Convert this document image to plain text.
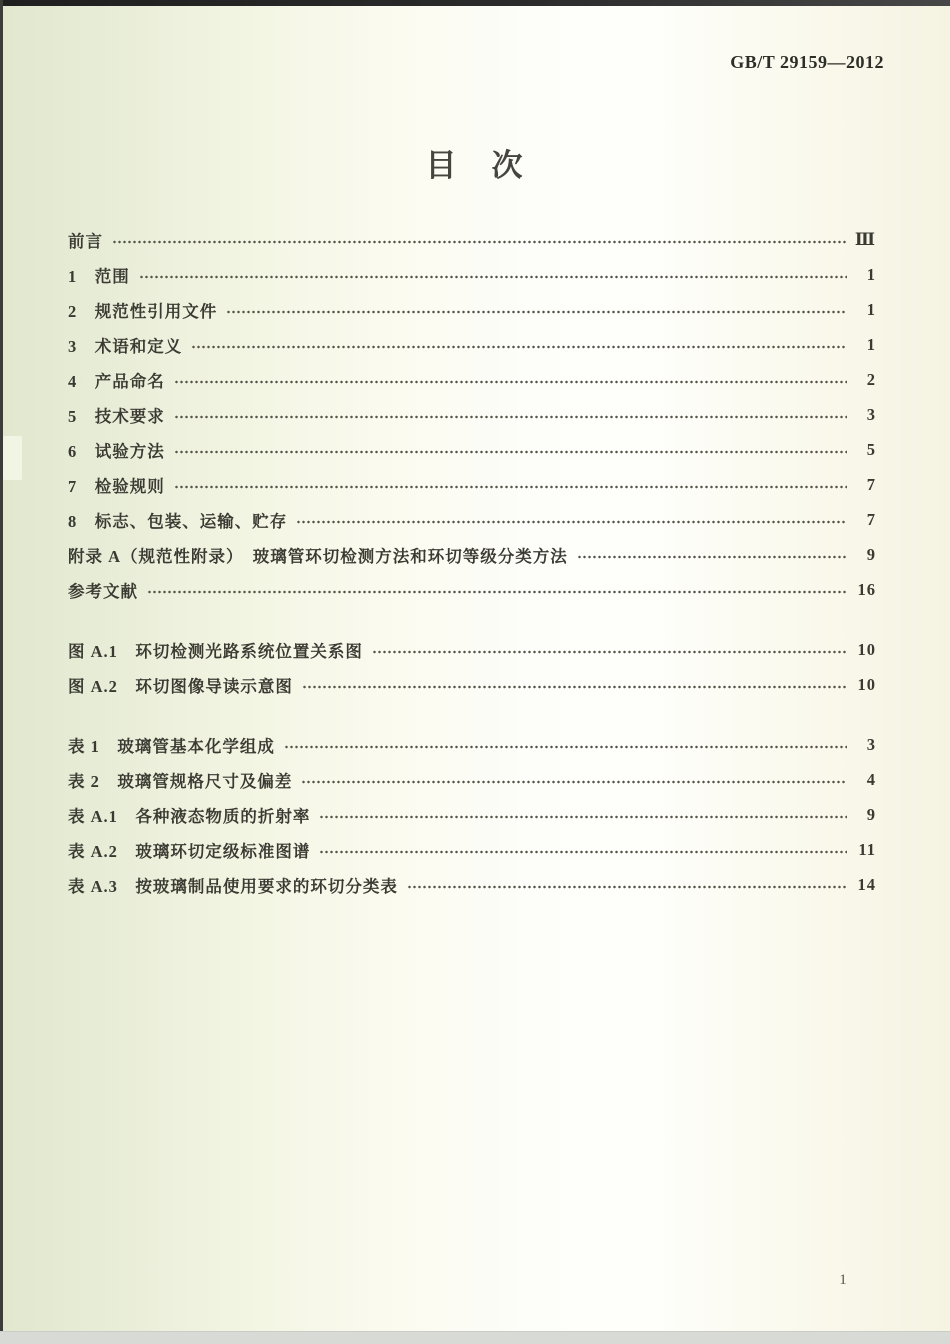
GB/T 29159—2012
目　次
前言	Ⅲ
1　范围	1
2　规范性引用文件	1
3　术语和定义	1
4　产品命名	2
5　技术要求	3
6　试验方法	5
7　检验规则	7
8　标志、包装、运输、贮存	7
附录 A（规范性附录）　玻璃管环切检测方法和环切等级分类方法	9
参考文献	16
图 A.1　环切检测光路系统位置关系图	10
图 A.2　环切图像导读示意图	10
表 1　玻璃管基本化学组成	3
表 2　玻璃管规格尺寸及偏差	4
表 A.1　各种液态物质的折射率	9
表 A.2　玻璃环切定级标准图谱	11
表 A.3　按玻璃制品使用要求的环切分类表	14
1
